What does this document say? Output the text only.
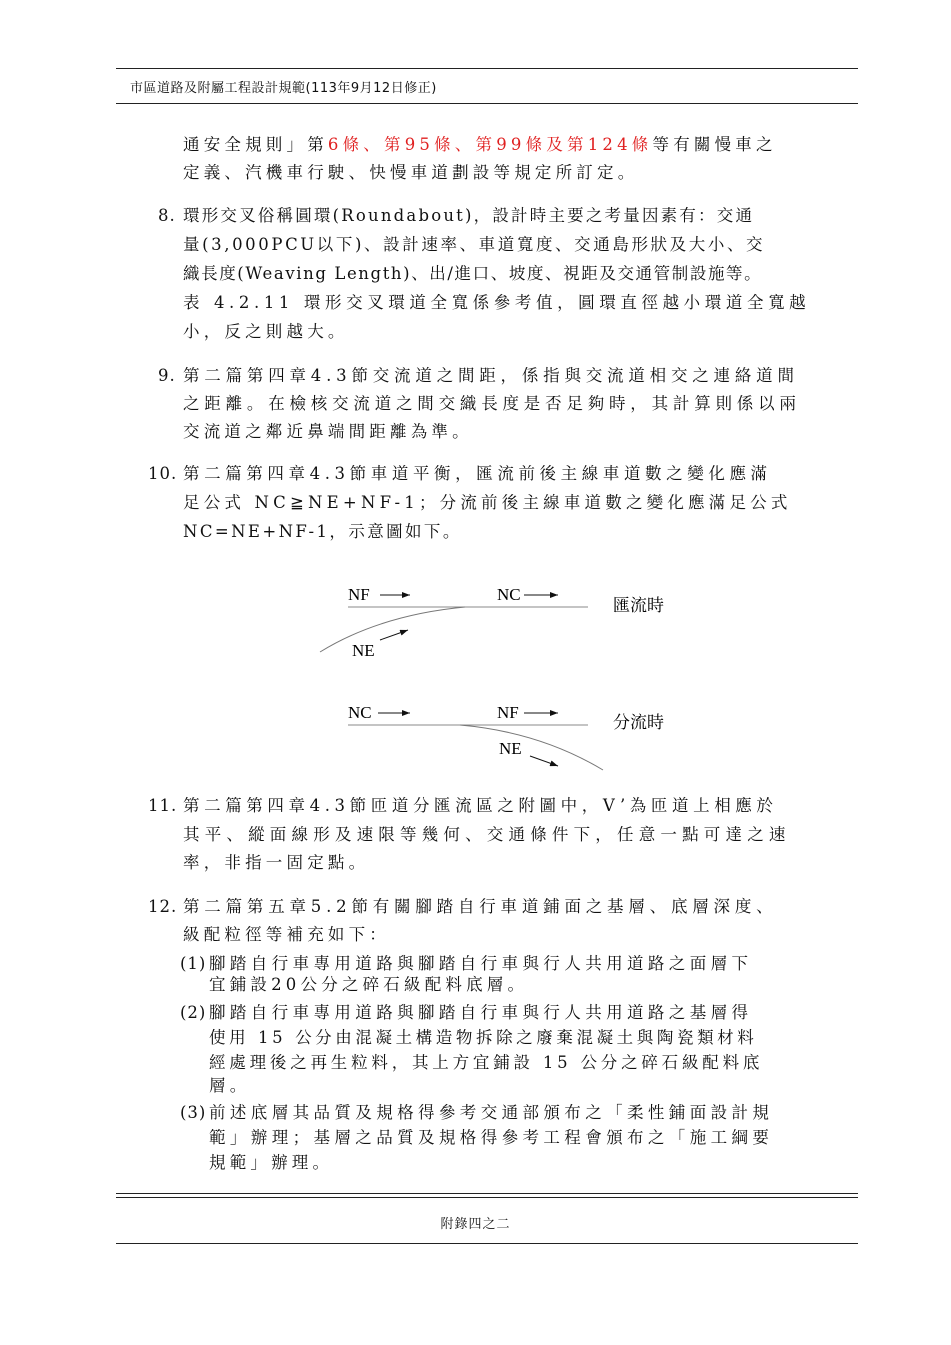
市區道路及附屬工程設計規範(113年9月12日修正)
通安全規則」第6條、第95條、第99條及第124條等有關慢車之
定義、汽機車行駛、快慢車道劃設等規定所訂定。
8. 環形交叉俗稱圓環(Roundabout)，設計時主要之考量因素有：交通
量(3,000PCU以下)、設計速率、車道寬度、交通島形狀及大小、交
織長度(Weaving Length)、出/進口、坡度、視距及交通管制設施等。
表 4.2.11 環形交叉環道全寬係參考值，圓環直徑越小環道全寬越
小，反之則越大。
9. 第二篇第四章4.3節交流道之間距，係指與交流道相交之連絡道間
之距離。在檢核交流道之間交織長度是否足夠時，其計算則係以兩
交流道之鄰近鼻端間距離為準。
10. 第二篇第四章4.3節車道平衡，匯流前後主線車道數之變化應滿
足公式 NC≧NE+NF-1；分流前後主線車道數之變化應滿足公式
NC=NE+NF-1，示意圖如下。
NF	NC
NE
匯流時
NC	NF
NE
分流時
11. 第二篇第四章4.3節匝道分匯流區之附圖中，V’為匝道上相應於
其平、縱面線形及速限等幾何、交通條件下，任意一點可達之速
率，非指一固定點。
12. 第二篇第五章5.2節有關腳踏自行車道鋪面之基層、底層深度、
級配粒徑等補充如下：
(1) 腳踏自行車專用道路與腳踏自行車與行人共用道路之面層下
宜鋪設20公分之碎石級配料底層。
(2) 腳踏自行車專用道路與腳踏自行車與行人共用道路之基層得
使用 15 公分由混凝土構造物拆除之廢棄混凝土與陶瓷類材料
經處理後之再生粒料，其上方宜鋪設 15 公分之碎石級配料底
層。
(3) 前述底層其品質及規格得參考交通部頒布之「柔性鋪面設計規
範」辦理；基層之品質及規格得參考工程會頒布之「施工綱要
規範」辦理。
附錄四之二
